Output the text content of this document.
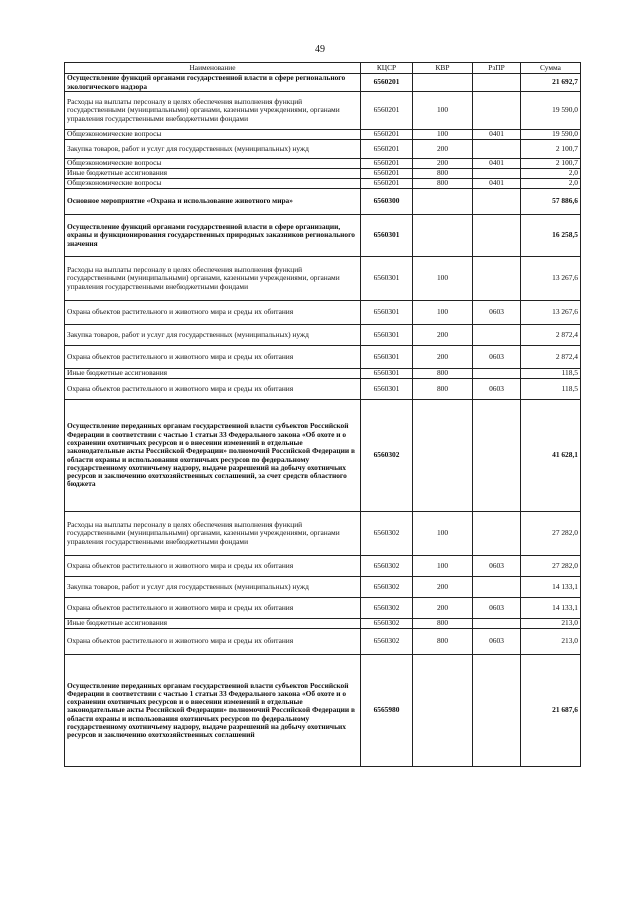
49
Наименование	КЦСР	КВР	РзПР	Сумма
Осуществление функций органами государственной власти в сфере регионального экологического надзора	6560201			21 692,7
Расходы на выплаты персоналу в целях обеспечения выполнения функций государственными (муниципальными) органами, казенными учреждениями, органами управления государственными внебюджетными фондами	6560201	100		19 590,0
Общеэкономические вопросы	6560201	100	0401	19 590,0
Закупка товаров, работ и услуг для государственных (муниципальных) нужд	6560201	200		2 100,7
Общеэкономические вопросы	6560201	200	0401	2 100,7
Иные бюджетные ассигнования	6560201	800		2,0
Общеэкономические вопросы	6560201	800	0401	2,0
Основное мероприятие «Охрана и использование животного мира»	6560300			57 886,6
Осуществление функций органами государственной власти в сфере организации, охраны и функционирования государственных природных заказников регионального значения	6560301			16 258,5
Расходы на выплаты персоналу в целях обеспечения выполнения функций государственными (муниципальными) органами, казенными учреждениями, органами управления государственными внебюджетными фондами	6560301	100		13 267,6
Охрана объектов растительного и животного мира и среды их обитания	6560301	100	0603	13 267,6
Закупка товаров, работ и услуг для государственных (муниципальных) нужд	6560301	200		2 872,4
Охрана объектов растительного и животного мира и среды их обитания	6560301	200	0603	2 872,4
Иные бюджетные ассигнования	6560301	800		118,5
Охрана объектов растительного и животного мира и среды их обитания	6560301	800	0603	118,5
Осуществление переданных органам государственной власти субъектов Российской Федерации в соответствии с частью 1 статьи 33 Федерального закона «Об охоте и о сохранении охотничьих ресурсов и о внесении изменений в отдельные законодательные акты Российской Федерации» полномочий Российской Федерации в области охраны и использования охотничьих ресурсов по федеральному государственному охотничьему надзору, выдаче разрешений на добычу охотничьих ресурсов и заключению охотхозяйственных соглашений, за счет средств областного бюджета	6560302			41 628,1
Расходы на выплаты персоналу в целях обеспечения выполнения функций государственными (муниципальными) органами, казенными учреждениями, органами управления государственными внебюджетными фондами	6560302	100		27 282,0
Охрана объектов растительного и животного мира и среды их обитания	6560302	100	0603	27 282,0
Закупка товаров, работ и услуг для государственных (муниципальных) нужд	6560302	200		14 133,1
Охрана объектов растительного и животного мира и среды их обитания	6560302	200	0603	14 133,1
Иные бюджетные ассигнования	6560302	800		213,0
Охрана объектов растительного и животного мира и среды их обитания	6560302	800	0603	213,0
Осуществление переданных органам государственной власти субъектов Российской Федерации в соответствии с частью 1 статьи 33 Федерального закона «Об охоте и о сохранении охотничьих ресурсов и о внесении изменений в отдельные законодательные акты Российской Федерации» полномочий Российской Федерации в области охраны и использования охотничьих ресурсов по федеральному государственному охотничьему надзору, выдаче разрешений на добычу охотничьих ресурсов и заключению охотхозяйственных соглашений	6565980			21 687,6
